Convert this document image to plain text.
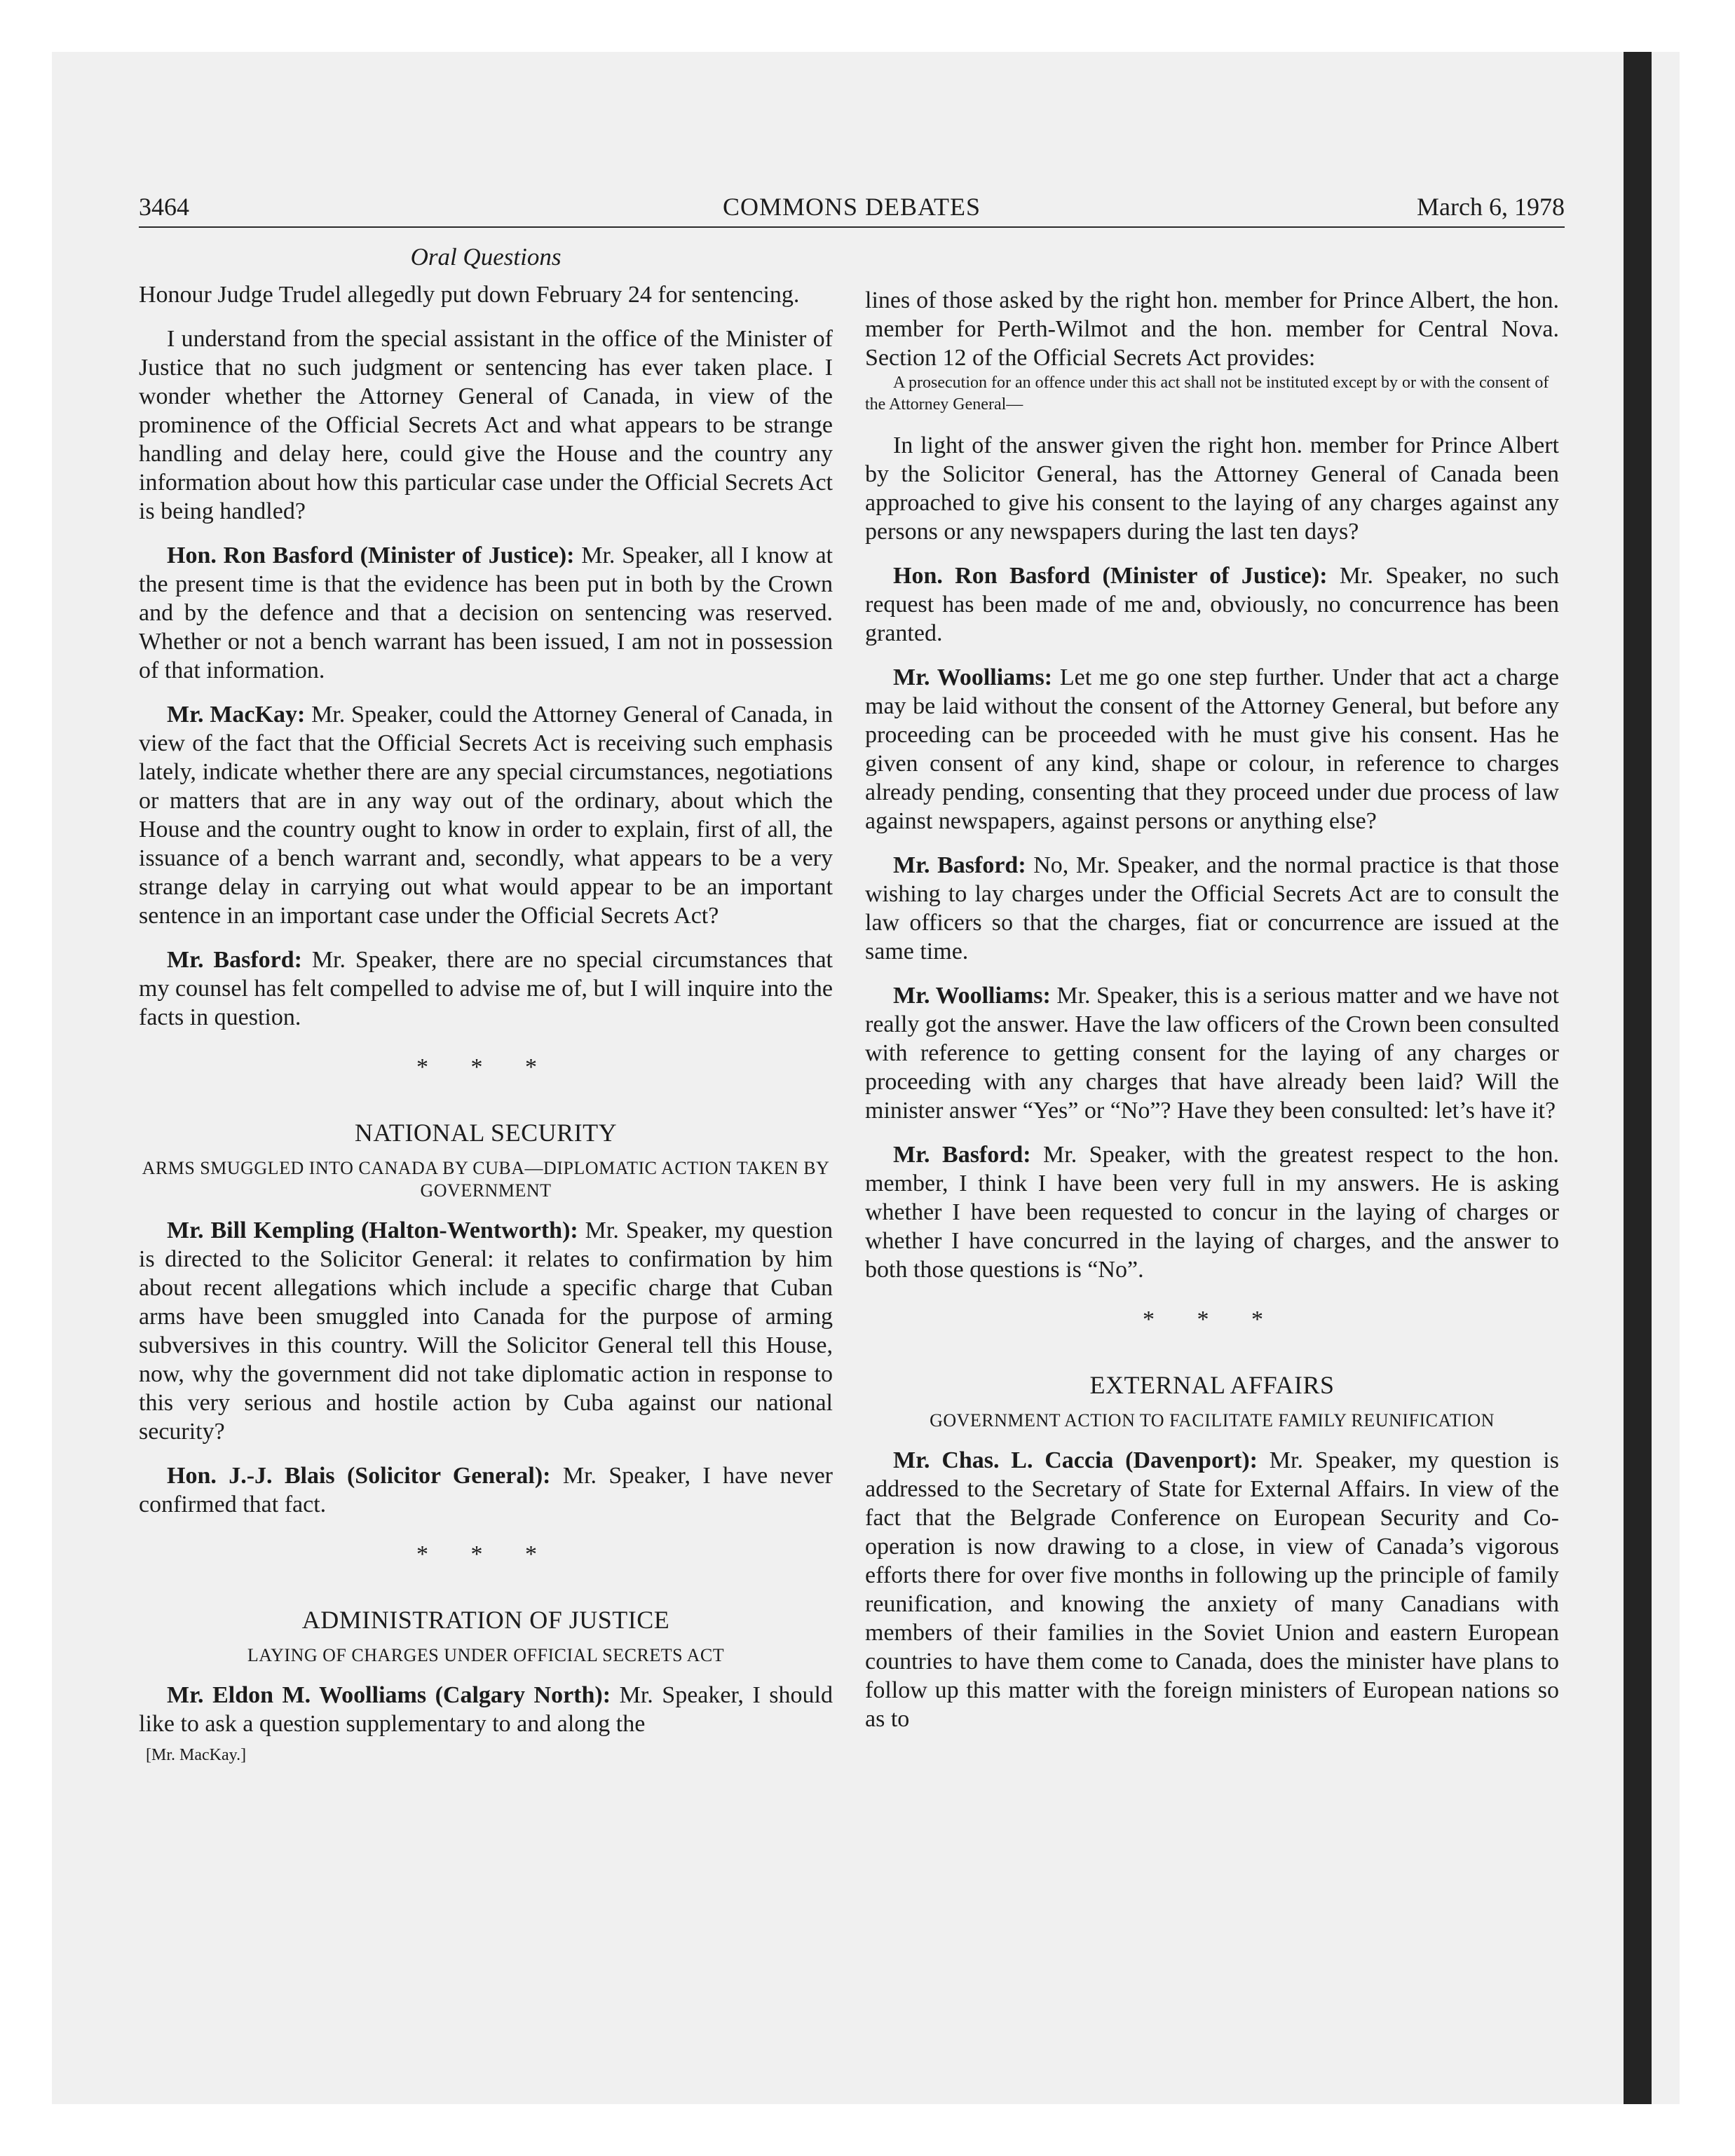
3464	COMMONS DEBATES	March 6, 1978
Oral Questions

Honour Judge Trudel allegedly put down February 24 for sentencing.

I understand from the special assistant in the office of the Minister of Justice that no such judgment or sentencing has ever taken place. I wonder whether the Attorney General of Canada, in view of the prominence of the Official Secrets Act and what appears to be strange handling and delay here, could give the House and the country any information about how this particular case under the Official Secrets Act is being handled?

Hon. Ron Basford (Minister of Justice): Mr. Speaker, all I know at the present time is that the evidence has been put in both by the Crown and by the defence and that a decision on sentencing was reserved. Whether or not a bench warrant has been issued, I am not in possession of that information.

Mr. MacKay: Mr. Speaker, could the Attorney General of Canada, in view of the fact that the Official Secrets Act is receiving such emphasis lately, indicate whether there are any special circumstances, negotiations or matters that are in any way out of the ordinary, about which the House and the country ought to know in order to explain, first of all, the issuance of a bench warrant and, secondly, what appears to be a very strange delay in carrying out what would appear to be an important sentence in an important case under the Official Secrets Act?

Mr. Basford: Mr. Speaker, there are no special circumstances that my counsel has felt compelled to advise me of, but I will inquire into the facts in question.

* * *
NATIONAL SECURITY
ARMS SMUGGLED INTO CANADA BY CUBA—DIPLOMATIC ACTION TAKEN BY GOVERNMENT

Mr. Bill Kempling (Halton-Wentworth): Mr. Speaker, my question is directed to the Solicitor General: it relates to confirmation by him about recent allegations which include a specific charge that Cuban arms have been smuggled into Canada for the purpose of arming subversives in this country. Will the Solicitor General tell this House, now, why the government did not take diplomatic action in response to this very serious and hostile action by Cuba against our national security?

Hon. J.-J. Blais (Solicitor General): Mr. Speaker, I have never confirmed that fact.

* * *
ADMINISTRATION OF JUSTICE
LAYING OF CHARGES UNDER OFFICIAL SECRETS ACT

Mr. Eldon M. Woolliams (Calgary North): Mr. Speaker, I should like to ask a question supplementary to and along the

[Mr. MacKay.]

lines of those asked by the right hon. member for Prince Albert, the hon. member for Perth-Wilmot and the hon. member for Central Nova. Section 12 of the Official Secrets Act provides:

A prosecution for an offence under this act shall not be instituted except by or with the consent of the Attorney General—

In light of the answer given the right hon. member for Prince Albert by the Solicitor General, has the Attorney General of Canada been approached to give his consent to the laying of any charges against any persons or any newspapers during the last ten days?

Hon. Ron Basford (Minister of Justice): Mr. Speaker, no such request has been made of me and, obviously, no concurrence has been granted.

Mr. Woolliams: Let me go one step further. Under that act a charge may be laid without the consent of the Attorney General, but before any proceeding can be proceeded with he must give his consent. Has he given consent of any kind, shape or colour, in reference to charges already pending, consenting that they proceed under due process of law against newspapers, against persons or anything else?

Mr. Basford: No, Mr. Speaker, and the normal practice is that those wishing to lay charges under the Official Secrets Act are to consult the law officers so that the charges, fiat or concurrence are issued at the same time.

Mr. Woolliams: Mr. Speaker, this is a serious matter and we have not really got the answer. Have the law officers of the Crown been consulted with reference to getting consent for the laying of any charges or proceeding with any charges that have already been laid? Will the minister answer “Yes” or “No”? Have they been consulted: let’s have it?

Mr. Basford: Mr. Speaker, with the greatest respect to the hon. member, I think I have been very full in my answers. He is asking whether I have been requested to concur in the laying of charges or whether I have concurred in the laying of charges, and the answer to both those questions is “No”.

* * *
EXTERNAL AFFAIRS
GOVERNMENT ACTION TO FACILITATE FAMILY REUNIFICATION

Mr. Chas. L. Caccia (Davenport): Mr. Speaker, my question is addressed to the Secretary of State for External Affairs. In view of the fact that the Belgrade Conference on European Security and Co-operation is now drawing to a close, in view of Canada’s vigorous efforts there for over five months in following up the principle of family reunification, and knowing the anxiety of many Canadians with members of their families in the Soviet Union and eastern European countries to have them come to Canada, does the minister have plans to follow up this matter with the foreign ministers of European nations so as to
